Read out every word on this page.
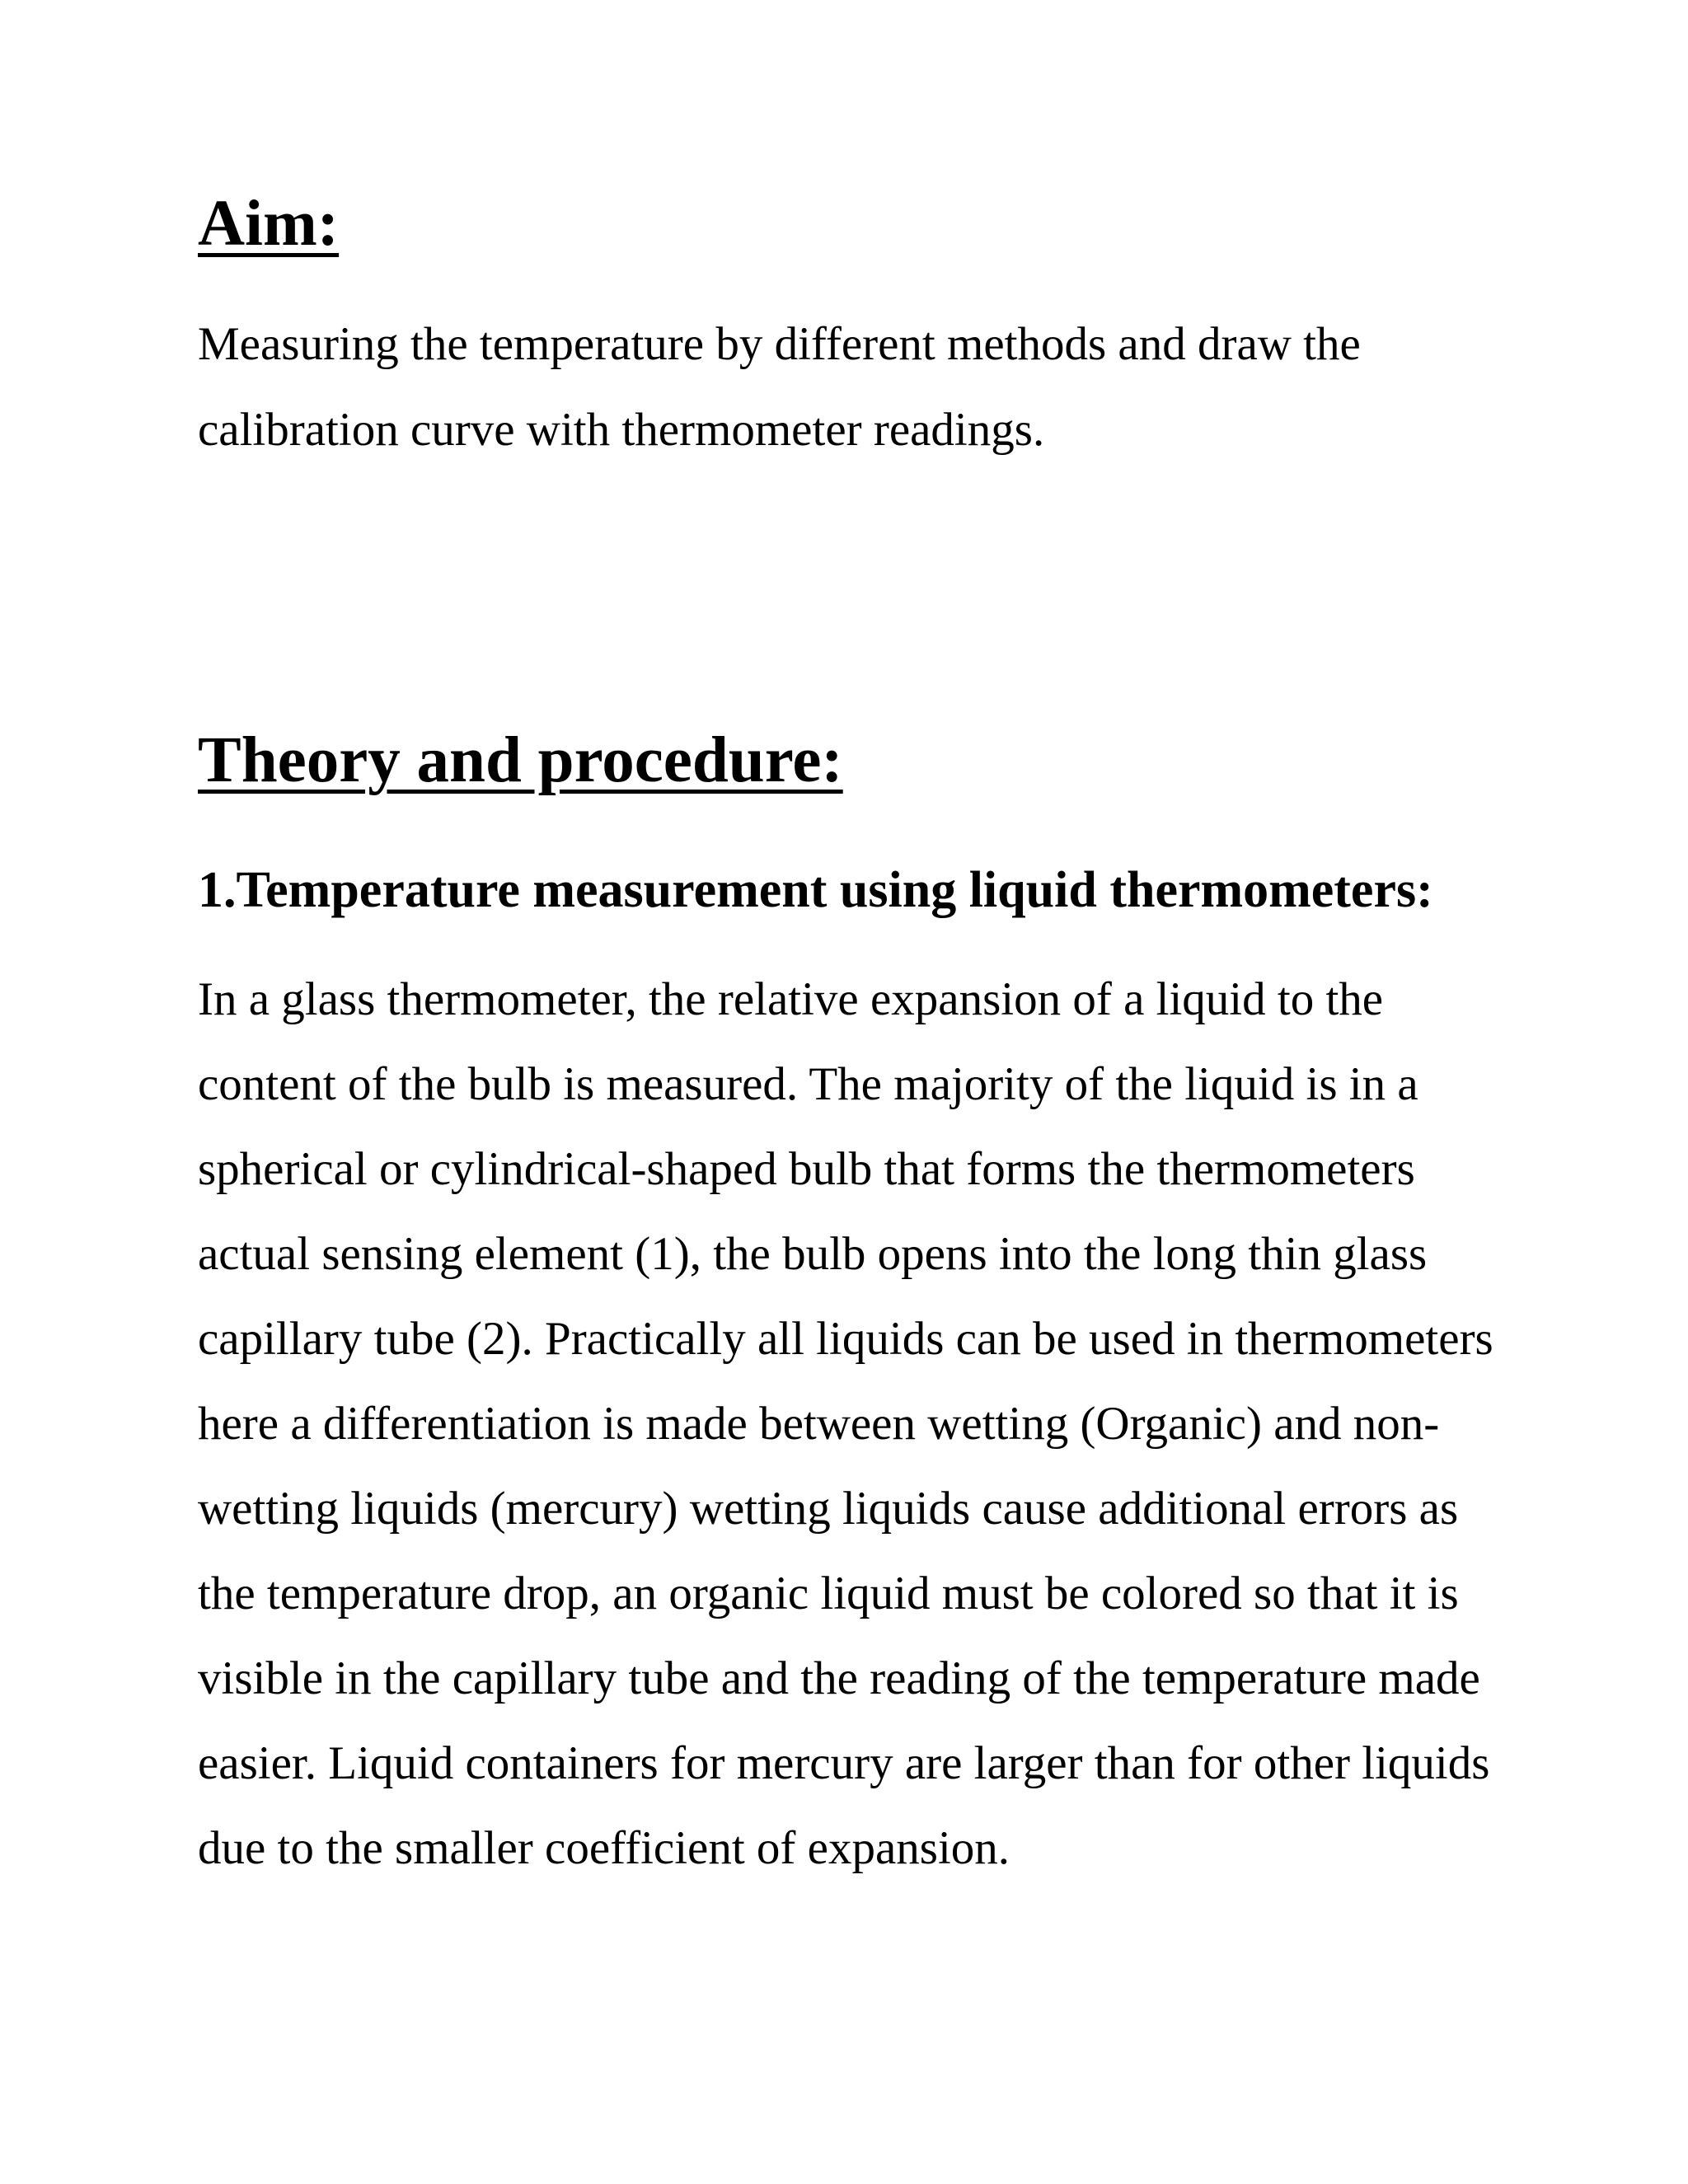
Aim:

Measuring the temperature by different methods and draw the

calibration curve with thermometer readings.

Theory and procedure:
1.Temperature measurement using liquid thermometers:

In a glass thermometer, the relative expansion of a liquid to the

content of the bulb is measured. The majority of the liquid is in a

spherical or cylindrical-shaped bulb that forms the thermometers

actual sensing element (1), the bulb opens into the long thin glass

capillary tube (2). Practically all liquids can be used in thermometers

here a differentiation is made between wetting (Organic) and non-

wetting liquids (mercury) wetting liquids cause additional errors as

the temperature drop, an organic liquid must be colored so that it is

visible in the capillary tube and the reading of the temperature made

easier. Liquid containers for mercury are larger than for other liquids

due to the smaller coefficient of expansion.
